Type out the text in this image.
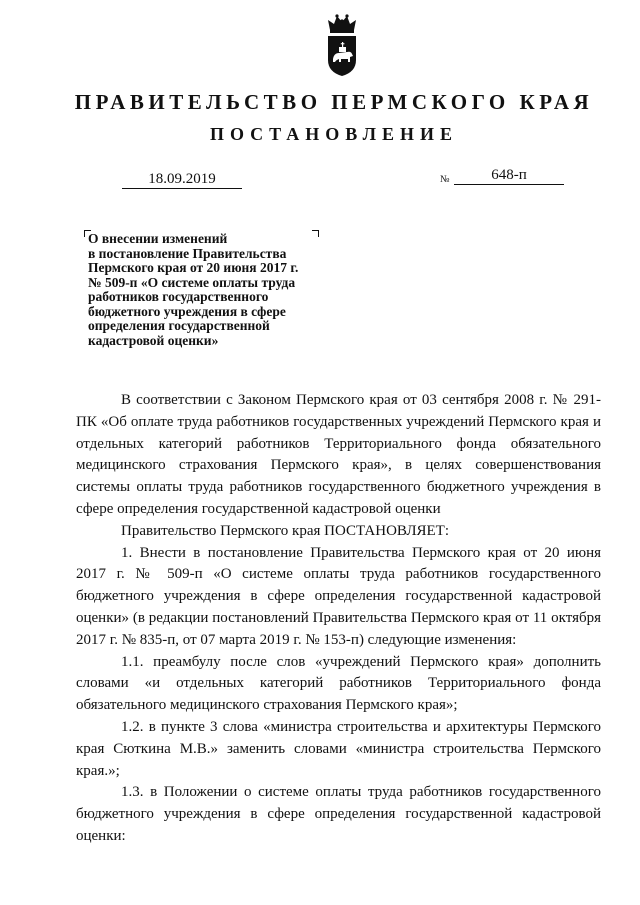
ПРАВИТЕЛЬСТВО ПЕРМСКОГО КРАЯ
ПОСТАНОВЛЕНИЕ
18.09.2019	№	648-п
О внесении изменений
в постановление Правительства
Пермского края от 20 июня 2017 г.
№ 509-п «О системе оплаты труда
работников государственного
бюджетного учреждения в сфере
определения государственной
кадастровой оценки»

В соответствии с Законом Пермского края от 03 сентября 2008 г. № 291-ПК «Об оплате труда работников государственных учреждений Пермского края и отдельных категорий работников Территориального фонда обязательного медицинского страхования Пермского края», в целях совершенствования системы оплаты труда работников государственного бюджетного учреждения в сфере определения государственной кадастровой оценки

Правительство Пермского края ПОСТАНОВЛЯЕТ:

1. Внести в постановление Правительства Пермского края от 20 июня 2017 г. № 509-п «О системе оплаты труда работников государственного бюджетного учреждения в сфере определения государственной кадастровой оценки» (в редакции постановлений Правительства Пермского края от 11 октября 2017 г. № 835-п, от 07 марта 2019 г. № 153-п) следующие изменения:

1.1. преамбулу после слов «учреждений Пермского края» дополнить словами «и отдельных категорий работников Территориального фонда обязательного медицинского страхования Пермского края»;

1.2. в пункте 3 слова «министра строительства и архитектуры Пермского края Сюткина М.В.» заменить словами «министра строительства Пермского края.»;

1.3. в Положении о системе оплаты труда работников государственного бюджетного учреждения в сфере определения государственной кадастровой оценки:
